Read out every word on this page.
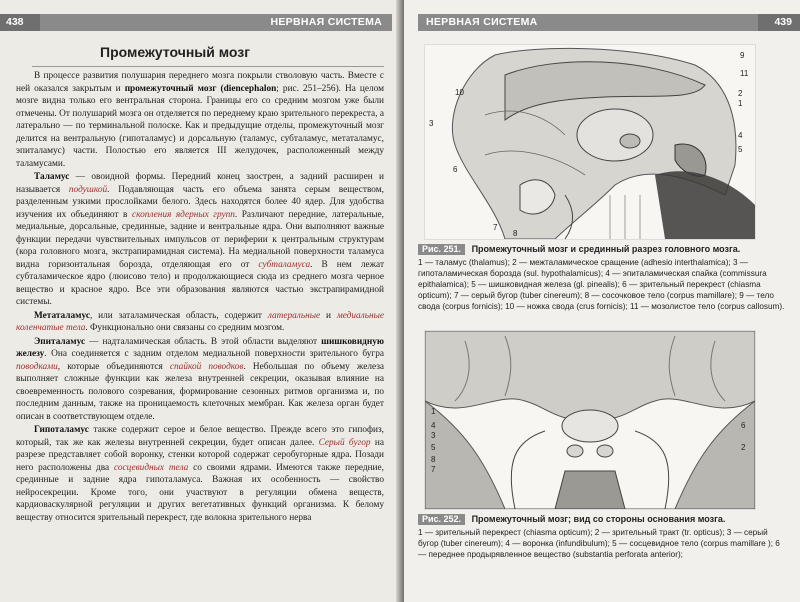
438	НЕРВНАЯ СИСТЕМА
Промежуточный мозг

В процессе развития полушария переднего мозга покрыли стволовую часть. Вместе с ней оказался закрытым и промежуточный мозг (diencephalon; рис. 251–256). На целом мозге видна только его вентральная сторона. Границы его со средним мозгом уже были отмечены. От полушарий мозга он отделяется по переднему краю зрительного перекреста, а латерально — по терминальной полоске. Как и предыдущие отделы, промежуточный мозг делится на вентральную (гипоталамус) и дорсальную (таламус, субталамус, метаталамус, эпиталамус) части. Полостью его является III желудочек, расположенный между таламусами.

Таламус — овоидной формы. Передний конец заострен, а задний расширен и называется подушкой. Подавляющая часть его объема занята серым веществом, разделенным узкими прослойками белого. Здесь находятся более 40 ядер. Для удобства изучения их объединяют в скопления ядерных групп. Различают передние, латеральные, медиальные, дорсальные, срединные, задние и вентральные ядра. Они выполняют важные функции передачи чувствительных импульсов от периферии к центральным структурам (кора головного мозга, экстрапирамидная система). На медиальной поверхности таламуса видна горизонтальная борозда, отделяющая его от субталамуса. В нем лежат субталамическое ядро (люисово тело) и продолжающиеся сюда из среднего мозга черное вещество и красное ядро. Все эти образования являются частью экстрапирамидной системы.

Метаталамус, или заталамическая область, содержит латеральные и медиальные коленчатые тела. Функционально они связаны со средним мозгом.

Эпиталамус — надталамическая область. В этой области выделяют шишковидную железу. Она соединяется с задним отделом медиальной поверхности зрительного бугра поводками, которые объединяются спайкой поводков. Небольшая по объему железа выполняет сложные функции как железа внутренней секреции, оказывая влияние на своевременность полового созревания, формирование сезонных ритмов организма и, по последним данным, также на проницаемость клеточных мембран. Как железа орган будет описан в соответствующем отделе.

Гипоталамус также содержит серое и белое вещество. Прежде всего это гипофиз, который, так же как железы внутренней секреции, будет описан далее. Серый бугор на разрезе представляет собой воронку, стенки которой содержат серобугорные ядра. Позади него расположены два сосцевидных тела со своими ядрами. Имеются также передние, срединные и задние ядра гипоталамуса. Важная их особенность — свойство нейросекреции. Кроме того, они участвуют в регуляции обмена веществ, кардиоваскулярной регуляции и других вегетативных функций организма. К белому веществу относится зрительный перекрест, где волокна зрительного нерва

НЕРВНАЯ СИСТЕМА	439
9
11
10	2
1
3
4
5
6
7
8
Рис. 251. Промежуточный мозг и срединный разрез головного мозга.

1 — таламус (thalamus); 2 — межталамическое сращение (adhesio interthalamica); 3 — гипоталамическая борозда (sul. hypothalamicus); 4 — эпиталамическая спайка (commissura epithalamica); 5 — шишковидная железа (gl. pinealis); 6 — зрительный перекрест (chiasma opticum); 7 — серый бугор (tuber cinereum); 8 — сосочковое тело (corpus mamillare); 9 — тело свода (corpus fornicis); 10 — ножка свода (crus fornicis); 11 — мозолистое тело (corpus callosum).

1
4
3
5
8
7
6
2
Рис. 252. Промежуточный мозг; вид со стороны основания мозга.

1 — зрительный перекрест (chiasma opticum); 2 — зрительный тракт (tr. opticus); 3 — серый бугор (tuber cinereum); 4 — воронка (infundibulum); 5 — сосцевидное тело (corpus mamillare ); 6 — переднее продырявленное вещество (substantia perforata anterior);
